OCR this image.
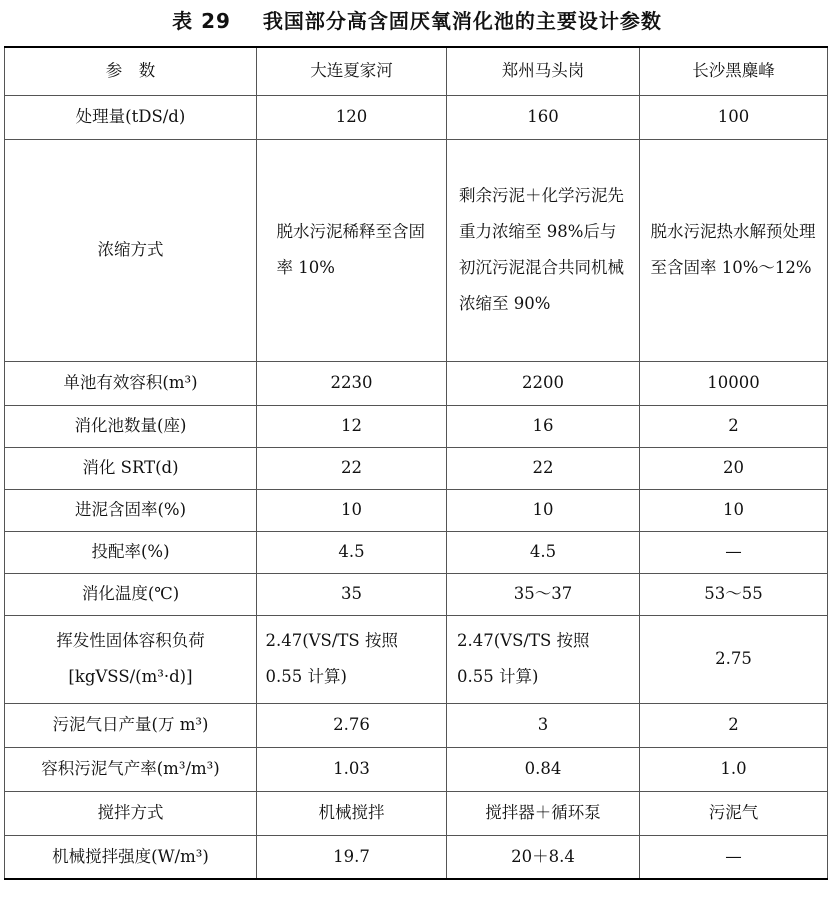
表 29 我国部分高含固厌氧消化池的主要设计参数
参　数	大连夏家河	郑州马头岗	长沙黑麋峰
处理量(tDS/d)	120	160	100
浓缩方式	脱水污泥稀释至含固率 10%	剩余污泥＋化学污泥先重力浓缩至 98%后与初沉污泥混合共同机械浓缩至 90%	脱水污泥热水解预处理至含固率 10%～12%
单池有效容积(m³)	2230	2200	10000
消化池数量(座)	12	16	2
消化 SRT(d)	22	22	20
进泥含固率(%)	10	10	10
投配率(%)	4.5	4.5	—
消化温度(℃)	35	35～37	53～55
挥发性固体容积负荷[kgVSS/(m³·d)]	2.47(VS/TS 按照 0.55 计算)	2.47(VS/TS 按照 0.55 计算)	2.75
污泥气日产量(万 m³)	2.76	3	2
容积污泥气产率(m³/m³)	1.03	0.84	1.0
搅拌方式	机械搅拌	搅拌器＋循环泵	污泥气
机械搅拌强度(W/m³)	19.7	20＋8.4	—
